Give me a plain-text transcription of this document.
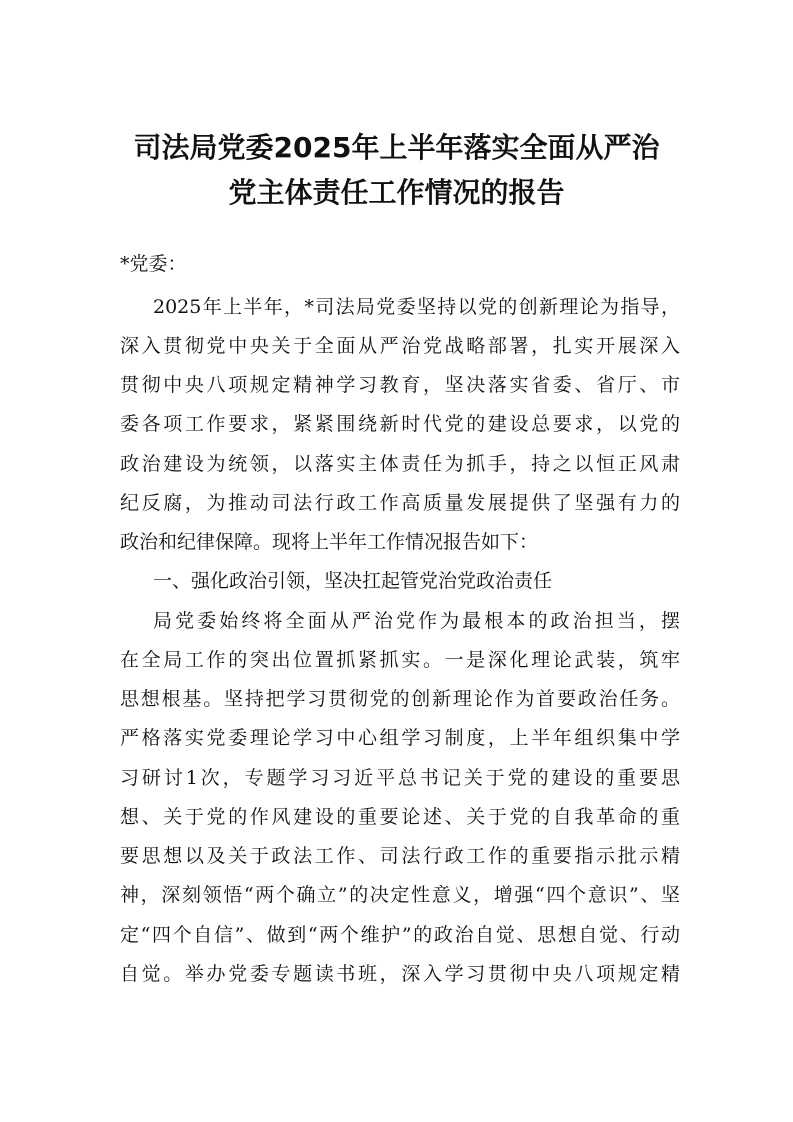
司法局党委2025年上半年落实全面从严治
党主体责任工作情况的报告

*党委：

2025年上半年，*司法局党委坚持以党的创新理论为指导，

深入贯彻党中央关于全面从严治党战略部署，扎实开展深入

贯彻中央八项规定精神学习教育，坚决落实省委、省厅、市

委各项工作要求，紧紧围绕新时代党的建设总要求，以党的

政治建设为统领，以落实主体责任为抓手，持之以恒正风肃

纪反腐，为推动司法行政工作高质量发展提供了坚强有力的

政治和纪律保障。现将上半年工作情况报告如下：

一、强化政治引领，坚决扛起管党治党政治责任

局党委始终将全面从严治党作为最根本的政治担当，摆

在全局工作的突出位置抓紧抓实。一是深化理论武装，筑牢

思想根基。坚持把学习贯彻党的创新理论作为首要政治任务。

严格落实党委理论学习中心组学习制度，上半年组织集中学

习研讨1次，专题学习习近平总书记关于党的建设的重要思

想、关于党的作风建设的重要论述、关于党的自我革命的重

要思想以及关于政法工作、司法行政工作的重要指示批示精

神，深刻领悟“两个确立”的决定性意义，增强“四个意识”、坚

定“四个自信”、做到“两个维护”的政治自觉、思想自觉、行动

自觉。举办党委专题读书班，深入学习贯彻中央八项规定精
